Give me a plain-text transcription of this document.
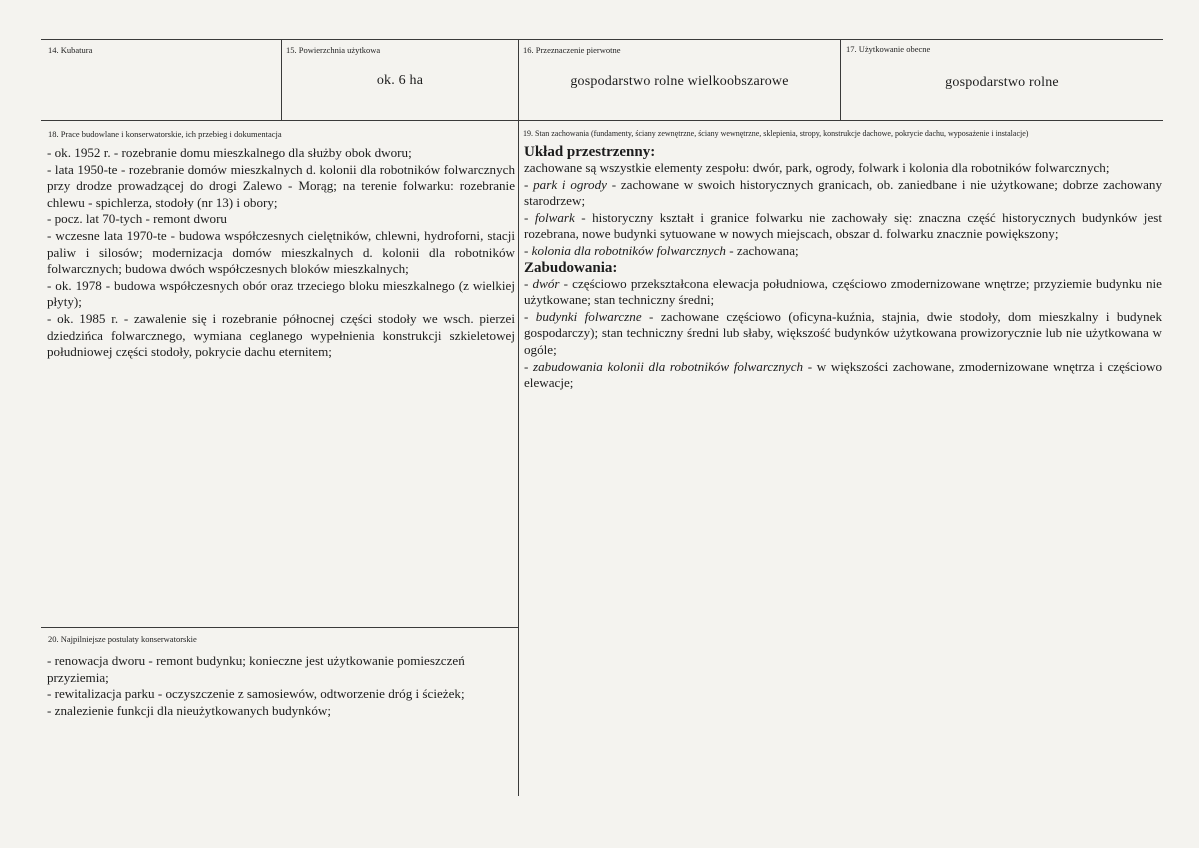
14. Kubatura	15. Powierzchnia użytkowa
ok. 6 ha
16. Przeznaczenie pierwotne
gospodarstwo rolne wielkoobszarowe
17. Użytkowanie obecne
gospodarstwo rolne
18. Prace budowlane i konserwatorskie, ich przebieg i dokumentacja

- ok. 1952 r. - rozebranie domu mieszkalnego dla służby obok dworu;

- lata 1950-te - rozebranie domów mieszkalnych d. kolonii dla robotników folwarcznych przy drodze prowadzącej do drogi Zalewo - Morąg; na terenie folwarku: rozebranie chlewu - spichlerza, stodoły (nr 13) i obory;

- pocz. lat 70-tych - remont dworu

- wczesne lata 1970-te - budowa współczesnych cielętników, chlewni, hydroforni, stacji paliw i silosów; modernizacja domów mieszkalnych d. kolonii dla robotników folwarcznych; budowa dwóch współczesnych bloków mieszkalnych;

- ok. 1978 - budowa współczesnych obór oraz trzeciego bloku mieszkalnego (z wielkiej płyty);

- ok. 1985 r. - zawalenie się i rozebranie północnej części stodoły we wsch. pierzei dziedzińca folwarcznego, wymiana ceglanego wypełnienia konstrukcji szkieletowej południowej części stodoły, pokrycie dachu eternitem;

19. Stan zachowania (fundamenty, ściany zewnętrzne, ściany wewnętrzne, sklepienia, stropy, konstrukcje dachowe, pokrycie dachu, wyposażenie i instalacje)

Układ przestrzenny:

zachowane są wszystkie elementy zespołu: dwór, park, ogrody, folwark i kolonia dla robotników folwarcznych;

- park i ogrody - zachowane w swoich historycznych granicach, ob. zaniedbane i nie użytkowane; dobrze zachowany starodrzew;

- folwark - historyczny kształt i granice folwarku nie zachowały się: znaczna część historycznych budynków jest rozebrana, nowe budynki sytuowane w nowych miejscach, obszar d. folwarku znacznie powiększony;

- kolonia dla robotników folwarcznych - zachowana;

Zabudowania:

- dwór - częściowo przekształcona elewacja południowa, częściowo zmodernizowane wnętrze; przyziemie budynku nie użytkowane; stan techniczny średni;

- budynki folwarczne - zachowane częściowo (oficyna-kuźnia, stajnia, dwie stodoły, dom mieszkalny i budynek gospodarczy); stan techniczny średni lub słaby, większość budynków użytkowana prowizorycznie lub nie użytkowana w ogóle;

- zabudowania kolonii dla robotników folwarcznych - w większości zachowane, zmodernizowane wnętrza i częściowo elewacje;

20. Najpilniejsze postulaty konserwatorskie

- renowacja dworu - remont budynku; konieczne jest użytkowanie pomieszczeń przyziemia;

- rewitalizacja parku - oczyszczenie z samosiewów, odtworzenie dróg i ścieżek;

- znalezienie funkcji dla nieużytkowanych budynków;
